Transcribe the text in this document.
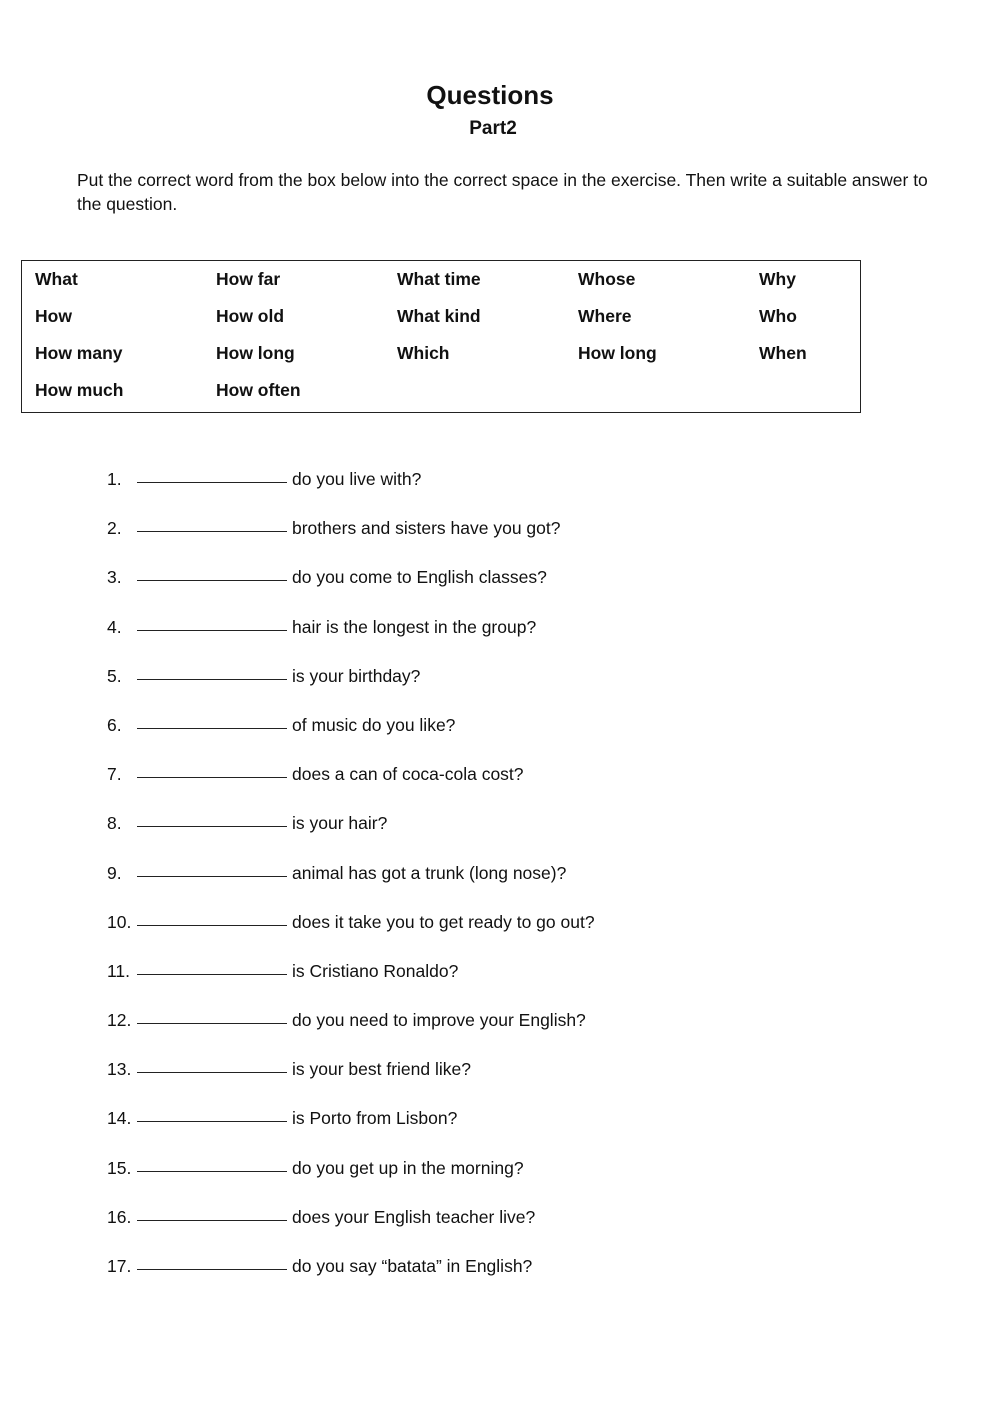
Questions
Part2
Put the correct word from the box below into the correct space in the exercise. Then write a suitable answer to the question.
What	How far	What time	Whose	Why
How	How old	What kind	Where	Who
How many	How long	Which	How long	When
How much	How often
1.	do you live with?
2.	brothers and sisters have you got?
3.	do you come to English classes?
4.	hair is the longest in the group?
5.	is your birthday?
6.	of music do you like?
7.	does a can of coca-cola cost?
8.	is your hair?
9.	animal has got a trunk (long nose)?
10.	does it take you to get ready to go out?
11.	is Cristiano Ronaldo?
12.	do you need to improve your English?
13.	is your best friend like?
14.	is Porto from Lisbon?
15.	do you get up in the morning?
16.	does your English teacher live?
17.	do you say “batata” in English?
